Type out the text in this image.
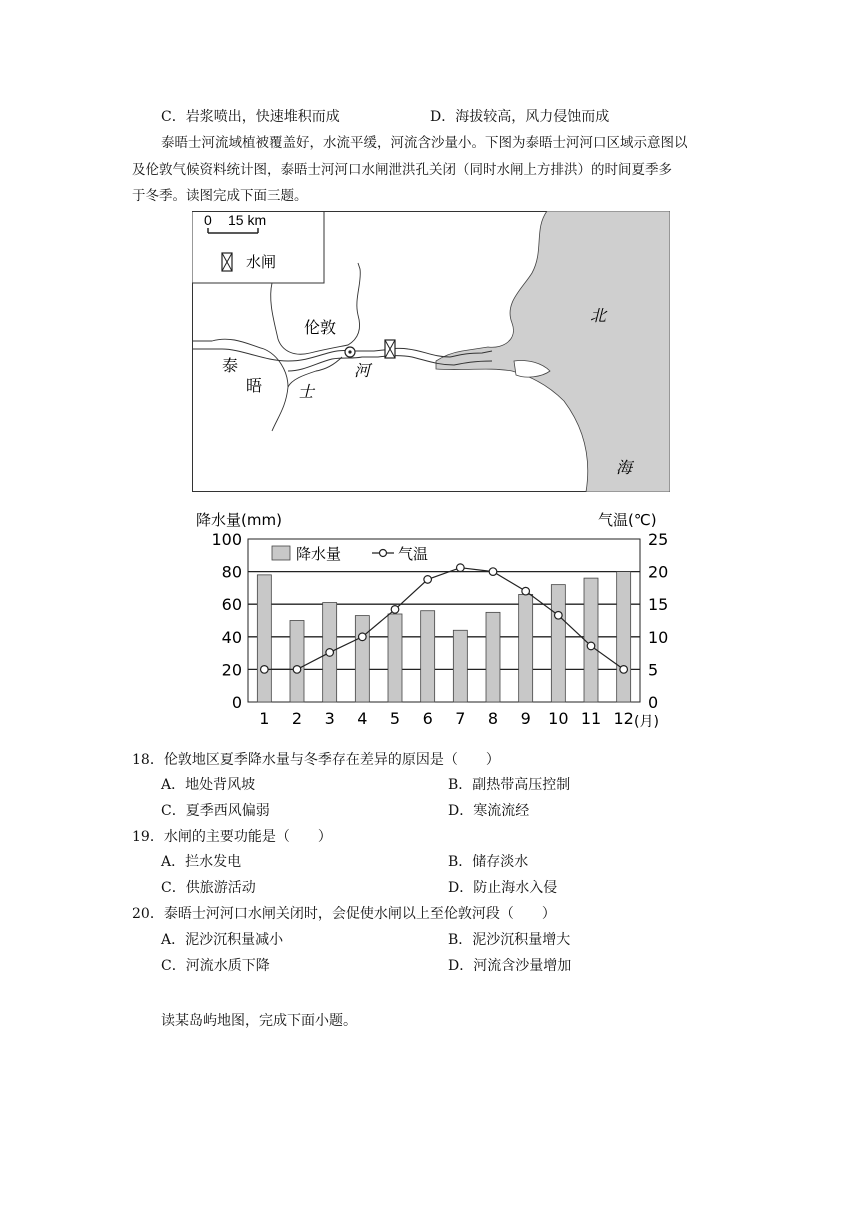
C．岩浆喷出，快速堆积而成	D．海拔较高，风力侵蚀而成
泰晤士河流域植被覆盖好，水流平缓，河流含沙量小。下图为泰晤士河河口区域示意图以
及伦敦气候资料统计图，泰晤士河河口水闸泄洪孔关闭（同时水闸上方排洪）的时间夏季多
于冬季。读图完成下面三题。
0 15 km
水闸
伦敦
泰
晤 士
河
北
海
0
20
40
60
80
100
0
5
10
15
20
25
1 2 3 4 5 6 7 8 9 10 11 12
降水量(mm)	气温(℃)
(月)
降水量	气温
18．伦敦地区夏季降水量与冬季存在差异的原因是（　　）
A．地处背风坡	B．副热带高压控制
C．夏季西风偏弱	D．寒流流经
19．水闸的主要功能是（　　）
A．拦水发电	B．储存淡水
C．供旅游活动	D．防止海水入侵
20．泰晤士河河口水闸关闭时，会促使水闸以上至伦敦河段（　　）
A．泥沙沉积量减小	B．泥沙沉积量增大
C．河流水质下降	D．河流含沙量增加
读某岛屿地图，完成下面小题。
